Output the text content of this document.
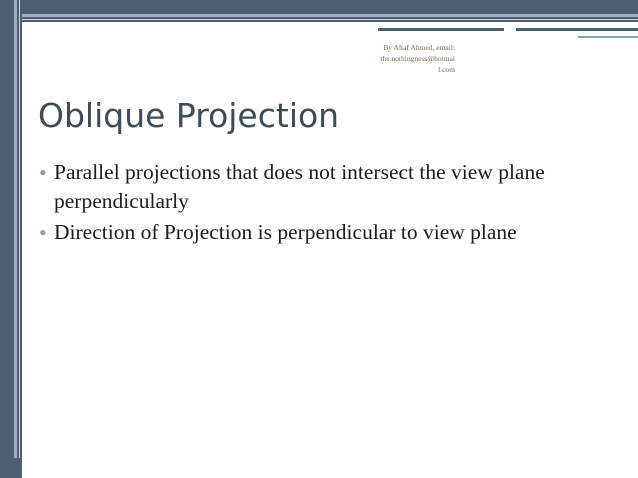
By Altaf Ahmed, email:
the.nothingness@hotmai
l.com
Oblique Projection
• Parallel projections that does not intersect the view plane perpendicularly
• Direction of Projection is perpendicular to view plane
